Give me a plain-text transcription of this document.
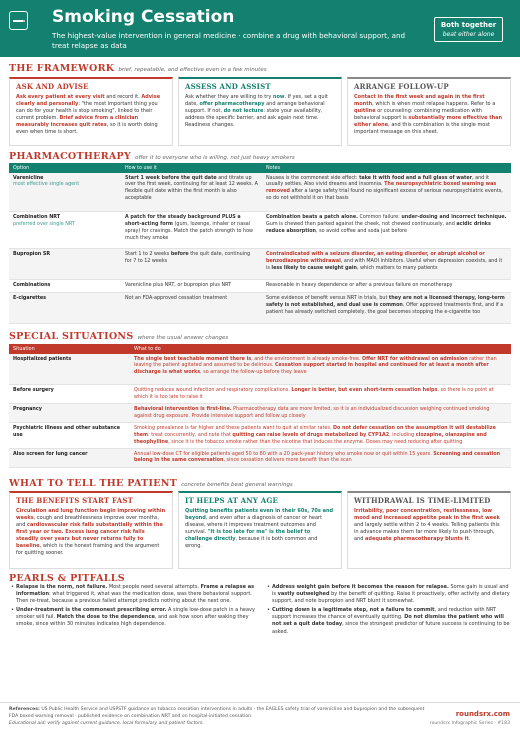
Smoking Cessation
The highest-value intervention in general medicine · combine a drug with behavioral support, and treat relapse as data
Both together
beat either alone
THE FRAMEWORK brief, repeatable, and effective even in a few minutes
ASK AND ADVISE

Ask every patient at every visit and record it. Advise clearly and personally: "the most important thing you can do for your health is stop smoking", linked to their current problem. Brief advice from a clinician measurably increases quit rates, so it is worth doing even when time is short.

ASSESS AND ASSIST

Ask whether they are willing to try now. If yes, set a quit date, offer pharmacotherapy and arrange behavioral support. If not, do not lecture: state your availability, address the specific barrier, and ask again next time. Readiness changes.

ARRANGE FOLLOW-UP

Contact in the first week and again in the first month, which is when most relapse happens. Refer to a quitline or counseling: combining medication with behavioral support is substantially more effective than either alone, and this combination is the single most important message on this sheet.

PHARMACOTHERAPY offer it to everyone who is willing, not just heavy smokers
Option	How to use it	Notes
Varenicline
most effective single agent	Start 1 week before the quit date and titrate up over the first week, continuing for at least 12 weeks. A flexible quit date within the first month is also acceptable	Nausea is the commonest side effect: take it with food and a full glass of water, and it usually settles. Also vivid dreams and insomnia. The neuropsychiatric boxed warning was removed after a large safety trial found no significant excess of serious neuropsychiatric events, so do not withhold it on that basis
Combination NRT
preferred over single NRT	A patch for the steady background PLUS a short-acting form (gum, lozenge, inhaler or nasal spray) for cravings. Match the patch strength to how much they smoke	Combination beats a patch alone. Common failure: under-dosing and incorrect technique. Gum is chewed then parked against the cheek, not chewed continuously, and acidic drinks reduce absorption, so avoid coffee and soda just before
Bupropion SR	Start 1 to 2 weeks before the quit date, continuing for 7 to 12 weeks	Contraindicated with a seizure disorder, an eating disorder, or abrupt alcohol or benzodiazepine withdrawal, and with MAOI inhibitors. Useful when depression coexists, and it is less likely to cause weight gain, which matters to many patients
Combinations	Varenicline plus NRT, or bupropion plus NRT	Reasonable in heavy dependence or after a previous failure on monotherapy
E-cigarettes	Not an FDA-approved cessation treatment	Some evidence of benefit versus NRT in trials, but they are not a licensed therapy, long-term safety is not established, and dual use is common. Offer approved treatments first, and if a patient has already switched completely, the goal becomes stopping the e-cigarette too
SPECIAL SITUATIONS where the usual answer changes
Situation	What to do
Hospitalized patients	The single best teachable moment there is, and the environment is already smoke-free. Offer NRT for withdrawal on admission rather than leaving the patient agitated and assumed to be delirious. Cessation support started in hospital and continued for at least a month after discharge is what works, so arrange the follow-up before they leave
Before surgery	Quitting reduces wound infection and respiratory complications. Longer is better, but even short-term cessation helps, so there is no point at which it is too late to raise it
Pregnancy	Behavioral intervention is first-line. Pharmacotherapy data are more limited, so it is an individualized discussion weighing continued smoking against drug exposure. Provide intensive support and follow up closely
Psychiatric illness and other substance use	Smoking prevalence is far higher and these patients want to quit at similar rates. Do not defer cessation on the assumption it will destabilize them: treat concurrently, and note that quitting can raise levels of drugs metabolized by CYP1A2, including clozapine, olanzapine and theophylline, since it is the tobacco smoke rather than the nicotine that induces the enzyme. Doses may need reducing after quitting
Also screen for lung cancer	Annual low-dose CT for eligible patients aged 50 to 80 with a 20 pack-year history who smoke now or quit within 15 years. Screening and cessation belong in the same conversation, since cessation delivers more benefit than the scan
WHAT TO TELL THE PATIENT concrete benefits beat general warnings
THE BENEFITS START FAST

Circulation and lung function begin improving within weeks, cough and breathlessness improve over months, and cardiovascular risk falls substantially within the first year or two. Excess lung cancer risk falls steadily over years but never returns fully to baseline, which is the honest framing and the argument for quitting sooner.

IT HELPS AT ANY AGE

Quitting benefits patients even in their 60s, 70s and beyond, and even after a diagnosis of cancer or heart disease, where it improves treatment outcomes and survival. "It is too late for me" is the belief to challenge directly, because it is both common and wrong.

WITHDRAWAL IS TIME-LIMITED

Irritability, poor concentration, restlessness, low mood and increased appetite peak in the first week and largely settle within 2 to 4 weeks. Telling patients this in advance makes them far more likely to push through, and adequate pharmacotherapy blunts it.

PEARLS & PITFALLS
• Relapse is the norm, not failure. Most people need several attempts. Frame a relapse as information: what triggered it, what was the medication dose, was there behavioral support. Then re-treat, because a previous failed attempt predicts nothing about the next one.
• Under-treatment is the commonest prescribing error. A single low-dose patch in a heavy smoker will fail. Match the dose to the dependence, and ask how soon after waking they smoke, since within 30 minutes indicates high dependence.
• Address weight gain before it becomes the reason for relapse. Some gain is usual and is vastly outweighed by the benefit of quitting. Raise it proactively, offer activity and dietary support, and note bupropion and NRT blunt it somewhat.
• Cutting down is a legitimate step, not a failure to commit, and reduction with NRT support increases the chance of eventually quitting. Do not dismiss the patient who will not set a quit date today, since the strongest predictor of future success is continuing to be asked.
References: US Public Health Service and USPSTF guidance on tobacco cessation interventions in adults · the EAGLES safety trial of varenicline and bupropion and the subsequent FDA boxed warning removal · published evidence on combination NRT and on hospital-initiated cessation.
Educational aid; verify against current guidance, local formulary and patient factors.
roundsrx.com
roundsrx Infographic Series · #183
